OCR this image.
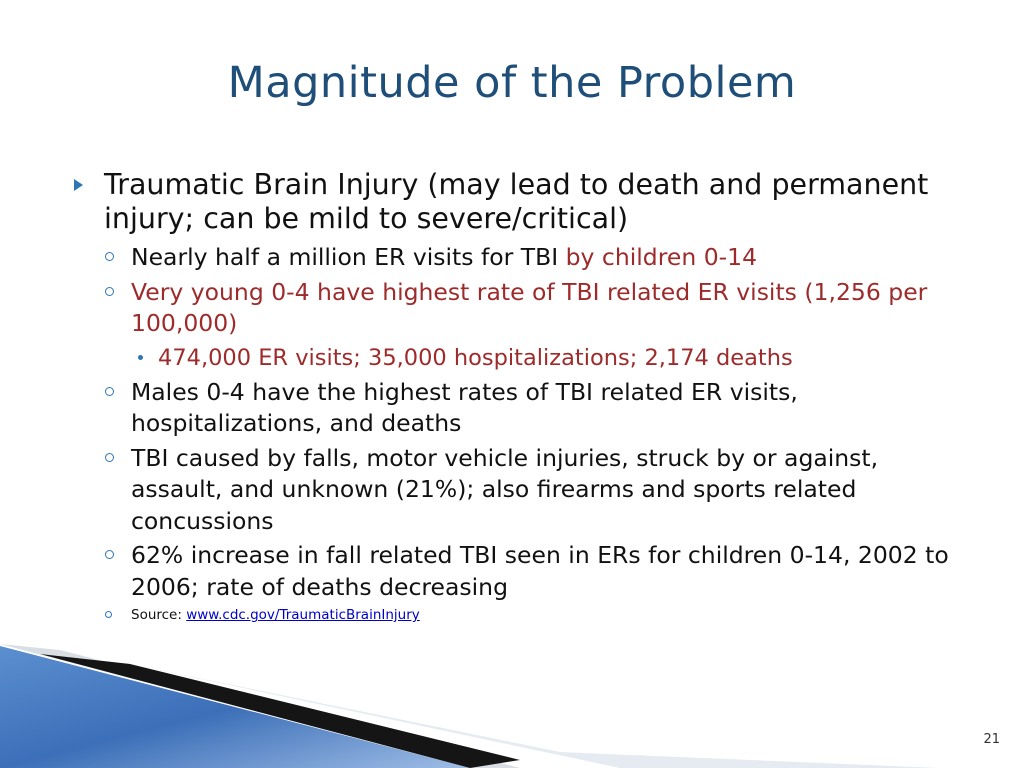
Magnitude of the Problem
Traumatic Brain Injury (may lead to death and permanent injury; can be mild to severe/critical)
Nearly half a million ER visits for TBI by children 0-14
Very young 0-4 have highest rate of TBI related ER visits (1,256 per 100,000)
474,000 ER visits; 35,000 hospitalizations; 2,174 deaths
Males 0-4 have the highest rates of TBI related ER visits, hospitalizations, and deaths
TBI caused by falls, motor vehicle injuries, struck by or against, assault, and unknown (21%); also firearms and sports related concussions
62% increase in fall related TBI seen in ERs for children 0-14, 2002 to 2006; rate of deaths decreasing
Source: www.cdc.gov/TraumaticBrainInjury
21
